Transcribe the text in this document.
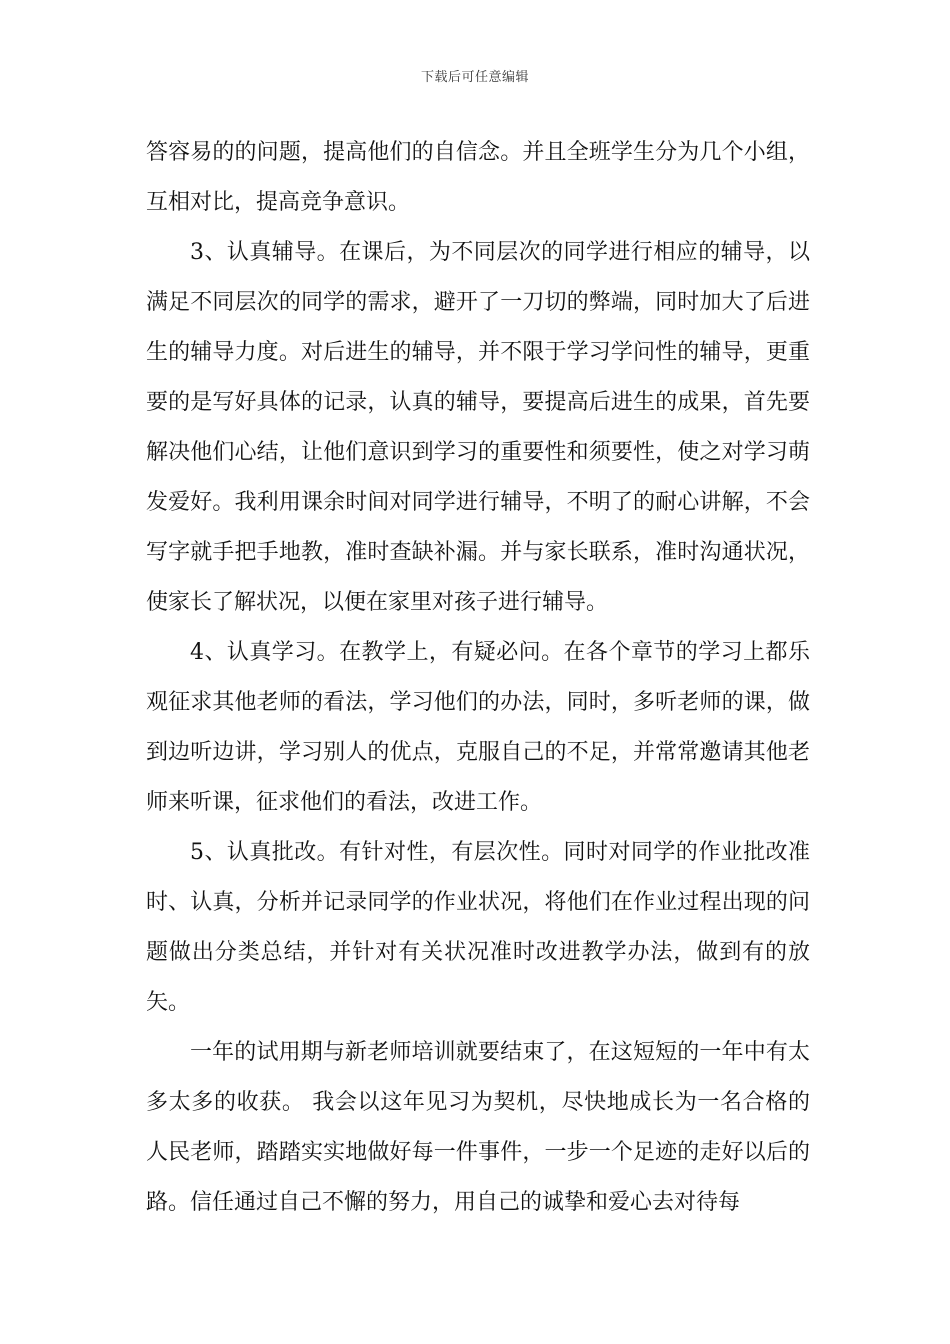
下载后可任意编辑

答容易的的问题，提高他们的自信念。并且全班学生分为几个小组，互相对比，提高竞争意识。

3、认真辅导。在课后，为不同层次的同学进行相应的辅导，以满足不同层次的同学的需求，避开了一刀切的弊端，同时加大了后进生的辅导力度。对后进生的辅导，并不限于学习学问性的辅导，更重要的是写好具体的记录，认真的辅导，要提高后进生的成果，首先要解决他们心结，让他们意识到学习的重要性和须要性，使之对学习萌发爱好。我利用课余时间对同学进行辅导，不明了的耐心讲解，不会写字就手把手地教，准时查缺补漏。并与家长联系，准时沟通状况，使家长了解状况，以便在家里对孩子进行辅导。

4、认真学习。在教学上，有疑必问。在各个章节的学习上都乐观征求其他老师的看法，学习他们的办法，同时，多听老师的课，做到边听边讲，学习别人的优点，克服自己的不足，并常常邀请其他老师来听课，征求他们的看法，改进工作。

5、认真批改。有针对性，有层次性。同时对同学的作业批改准时、认真，分析并记录同学的作业状况，将他们在作业过程出现的问题做出分类总结，并针对有关状况准时改进教学办法，做到有的放矢。

一年的试用期与新老师培训就要结束了，在这短短的一年中有太多太多的收获。 我会以这年见习为契机，尽快地成长为一名合格的人民老师，踏踏实实地做好每一件事件，一步一个足迹的走好以后的路。信任通过自己不懈的努力，用自己的诚挚和爱心去对待每
